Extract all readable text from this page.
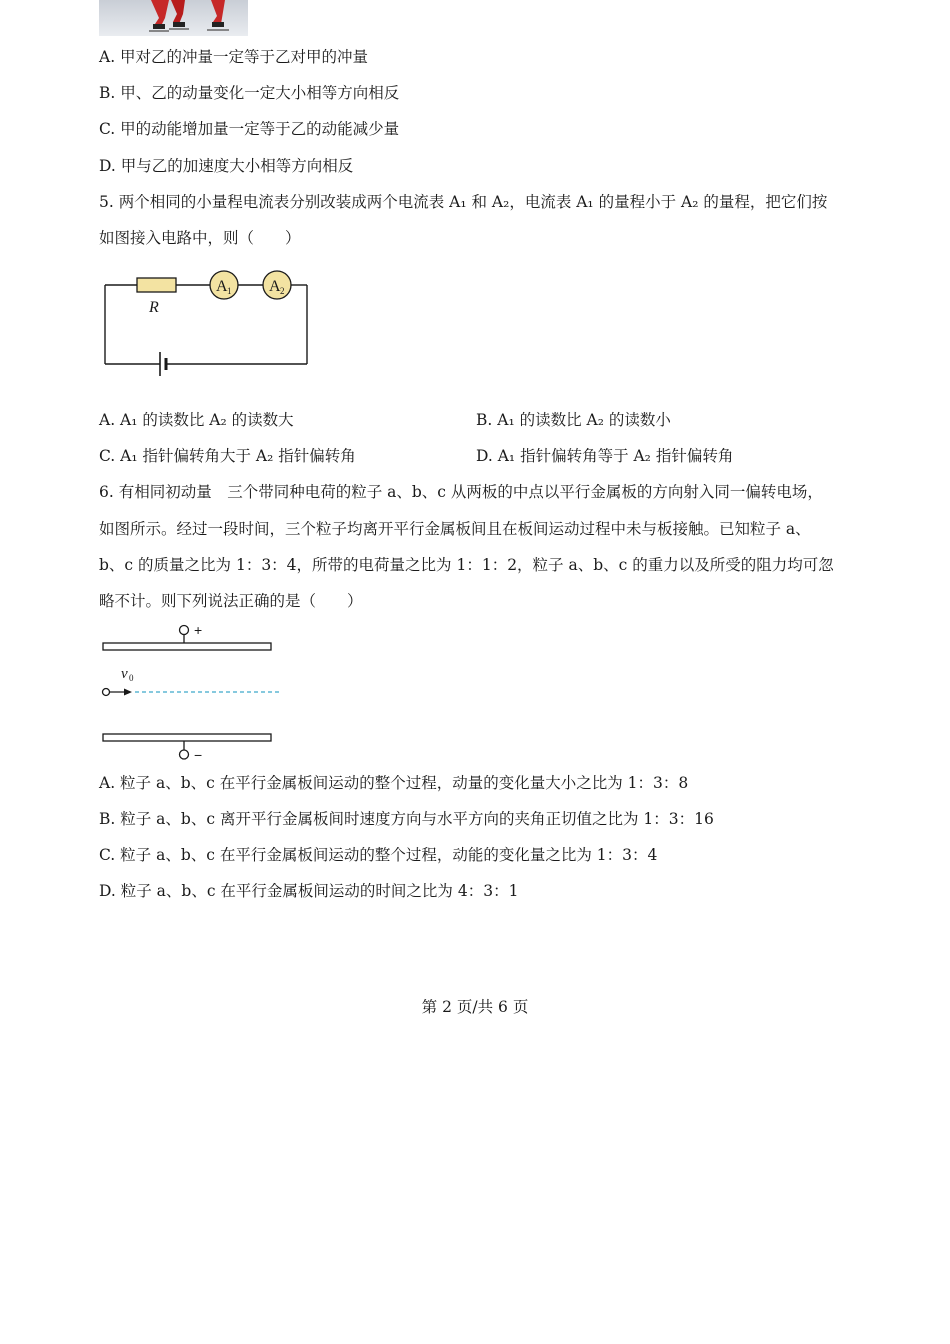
A. 甲对乙的冲量一定等于乙对甲的冲量
B. 甲、乙的动量变化一定大小相等方向相反
C. 甲的动能增加量一定等于乙的动能减少量
D. 甲与乙的加速度大小相等方向相反
5. 两个相同的小量程电流表分别改装成两个电流表 A₁ 和 A₂，电流表 A₁ 的量程小于 A₂ 的量程，把它们按
如图接入电路中，则（　　）
A 1 A 2
R
A. A₁ 的读数比 A₂ 的读数大	B. A₁ 的读数比 A₂ 的读数小
C. A₁ 指针偏转角大于 A₂ 指针偏转角	D. A₁ 指针偏转角等于 A₂ 指针偏转角
6. 有相同初动量　三个带同种电荷的粒子 a、b、c 从两板的中点以平行金属板的方向射入同一偏转电场，
如图所示。经过一段时间，三个粒子均离开平行金属板间且在板间运动过程中未与板接触。已知粒子 a、
b、c 的质量之比为 1：3：4，所带的电荷量之比为 1：1：2，粒子 a、b、c 的重力以及所受的阻力均可忽
略不计。则下列说法正确的是（　　）
+
v 0
−
A. 粒子 a、b、c 在平行金属板间运动的整个过程，动量的变化量大小之比为 1：3：8
B. 粒子 a、b、c 离开平行金属板间时速度方向与水平方向的夹角正切值之比为 1：3：16
C. 粒子 a、b、c 在平行金属板间运动的整个过程，动能的变化量之比为 1：3：4
D. 粒子 a、b、c 在平行金属板间运动的时间之比为 4：3：1
第 2 页/共 6 页
